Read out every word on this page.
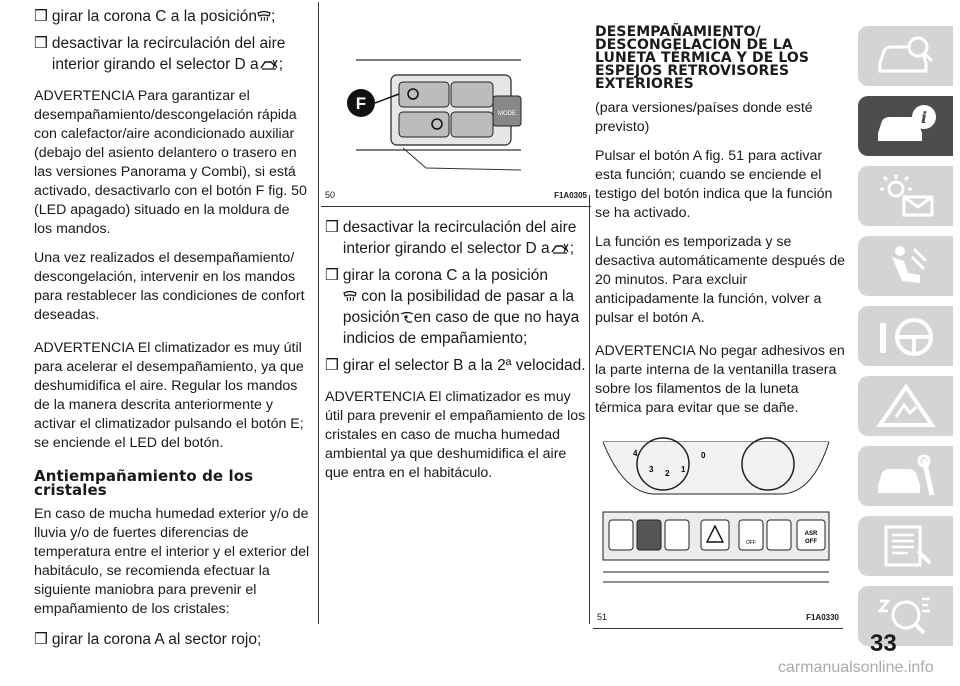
❒ girar la corona C a la posición ;
❒ desactivar la recirculación del aire interior girando el selector D a ;

ADVERTENCIA Para garantizar el desempañamiento/descongelación rápida con calefactor/aire acondicionado auxiliar (debajo del asiento delantero o trasero en las versiones Panorama y Combi), si está activado, desactivarlo con el botón F fig. 50 (LED apagado) situado en la moldura de los mandos.

Una vez realizados el desempañamiento/ descongelación, intervenir en los mandos para restablecer las condiciones de confort deseadas.

ADVERTENCIA El climatizador es muy útil para acelerar el desempañamiento, ya que deshumidifica el aire. Regular los mandos de la manera descrita anteriormente y activar el climatizador pulsando el botón E; se enciende el LED del botón.

Antiempañamiento de los cristales

En caso de mucha humedad exterior y/o de lluvia y/o de fuertes diferencias de temperatura entre el interior y el exterior del habitáculo, se recomienda efectuar la siguiente maniobra para prevenir el empañamiento de los cristales:

❒ girar la corona A al sector rojo;
F
MODE
50	F1A0305
❒ desactivar la recirculación del aire interior girando el selector D a ;
❒ girar la corona C a la posición
con la posibilidad de pasar a la posición en caso de que no haya indicios de empañamiento;
❒ girar el selector B a la 2ª velocidad.

ADVERTENCIA El climatizador es muy útil para prevenir el empañamiento de los cristales en caso de mucha humedad ambiental ya que deshumidifica el aire que entra en el habitáculo.

DESEMPAÑAMIENTO/ DESCONGELACIÓN DE LA LUNETA TÉRMICA Y DE LOS ESPEJOS RETROVISORES EXTERIORES

(para versiones/países donde esté previsto)

Pulsar el botón A fig. 51 para activar esta función; cuando se enciende el testigo del botón indica que la función se ha activado.

La función es temporizada y se desactiva automáticamente después de 20 minutos. Para excluir anticipadamente la función, volver a pulsar el botón A.

ADVERTENCIA No pegar adhesivos en la parte interna de la ventanilla trasera sobre los filamentos de la luneta térmica para evitar que se dañe.

4
3 2 1
0
OFF
ASR
OFF
51	F1A0330
i
33
carmanualsonline.info
